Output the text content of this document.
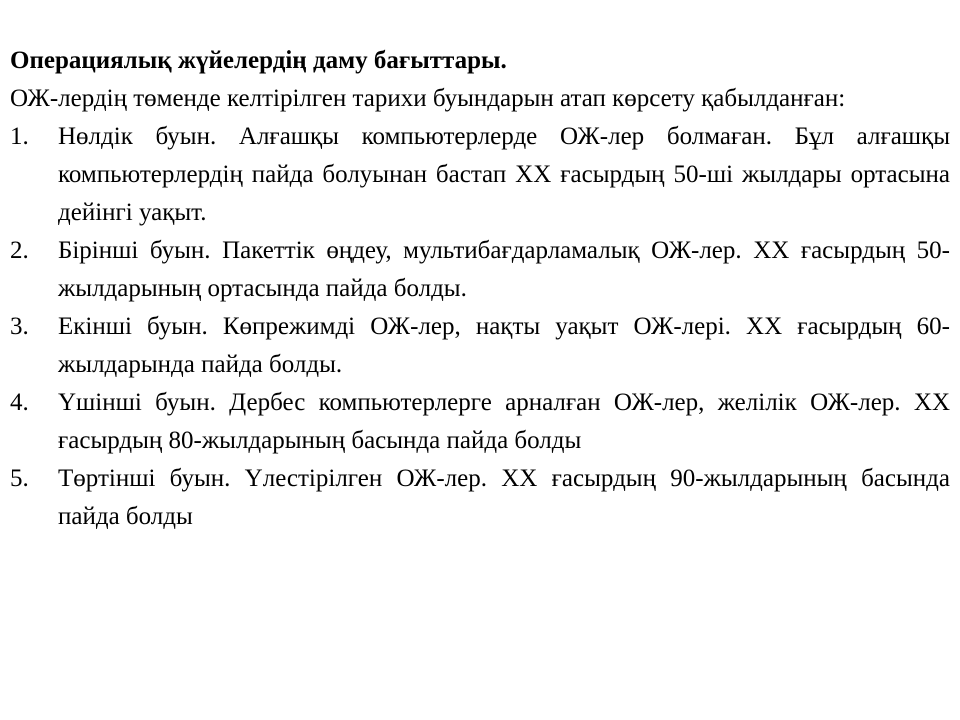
Операциялық жүйелердің даму бағыттары.

ОЖ-лердің төменде келтірілген тарихи буындарын атап көрсету қабылданған:

1.	Нөлдік буын. Алғашқы компьютерлерде ОЖ-лер болмаған. Бұл алғашқы компьютерлердің пайда болуынан бастап XX ғасырдың 50-ші жылдары ортасына дейінгі уақыт.
2.	Бірінші буын. Пакеттік өңдеу, мультибағдарламалық ОЖ-лер. XX ғасырдың 50-жылдарының ортасында пайда болды.
3.	Екінші буын. Көпрежимді ОЖ-лер, нақты уақыт ОЖ-лері. XX ғасырдың 60-жылдарында пайда болды.
4.	Үшінші буын. Дербес компьютерлерге арналған ОЖ-лер, желілік ОЖ-лер. XX ғасырдың 80-жылдарының басында пайда болды
5.	Төртінші буын. Үлестірілген ОЖ-лер. XX ғасырдың 90-жылдарының басында пайда болды
